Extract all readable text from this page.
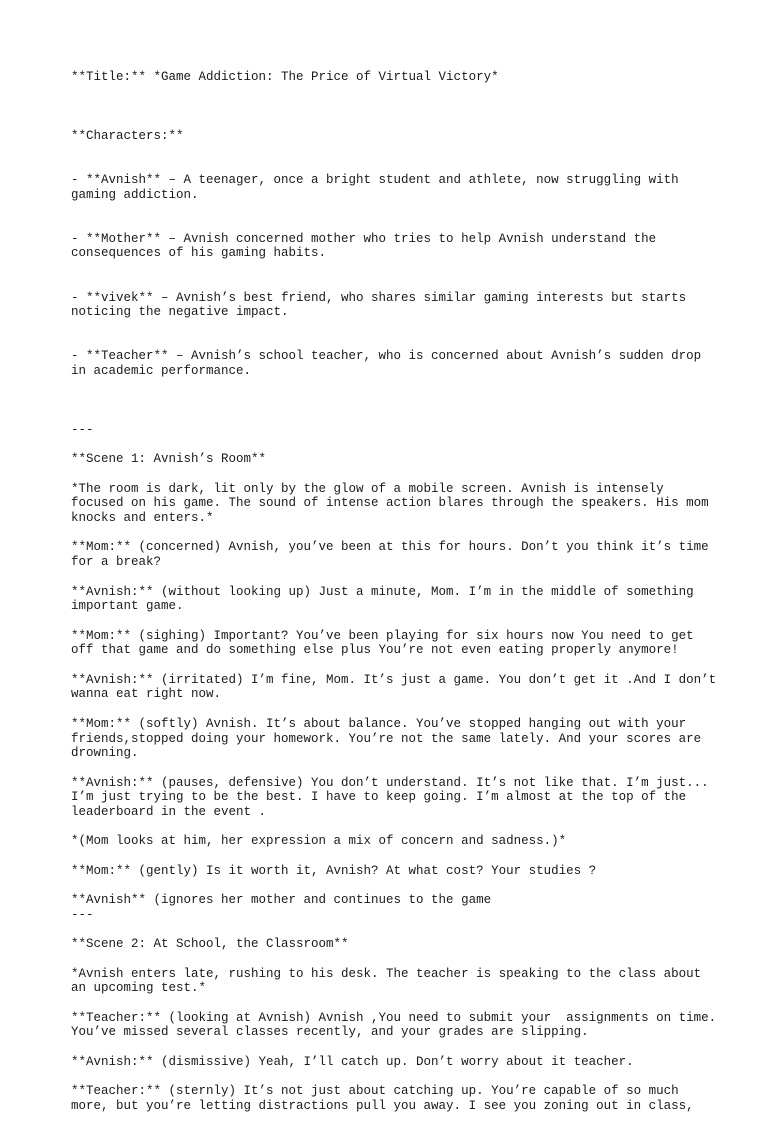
**Title:** *Game Addiction: The Price of Virtual Victory*

**Characters:**

- **Avnish** – A teenager, once a bright student and athlete, now struggling with gaming addiction.

- **Mother** – Avnish concerned mother who tries to help Avnish understand the consequences of his gaming habits.

- **vivek** – Avnish’s best friend, who shares similar gaming interests but starts noticing the negative impact.

- **Teacher** – Avnish’s school teacher, who is concerned about Avnish’s sudden drop in academic performance.

---

**Scene 1: Avnish’s Room**

*The room is dark, lit only by the glow of a mobile screen. Avnish is intensely focused on his game. The sound of intense action blares through the speakers. His mom knocks and enters.*

**Mom:** (concerned) Avnish, you’ve been at this for hours. Don’t you think it’s time for a break?

**Avnish:** (without looking up) Just a minute, Mom. I’m in the middle of something important game.

**Mom:** (sighing) Important? You’ve been playing for six hours now You need to get off that game and do something else plus You’re not even eating properly anymore!

**Avnish:** (irritated) I’m fine, Mom. It’s just a game. You don’t get it .And I don’t wanna eat right now.

**Mom:** (softly) Avnish. It’s about balance. You’ve stopped hanging out with your friends,stopped doing your homework. You’re not the same lately. And your scores are drowning.

**Avnish:** (pauses, defensive) You don’t understand. It’s not like that. I’m just... I’m just trying to be the best. I have to keep going. I’m almost at the top of the leaderboard in the event .

*(Mom looks at him, her expression a mix of concern and sadness.)*

**Mom:** (gently) Is it worth it, Avnish? At what cost? Your studies ?

**Avnish** (ignores her mother and continues to the game

---

**Scene 2: At School, the Classroom**

*Avnish enters late, rushing to his desk. The teacher is speaking to the class about an upcoming test.*

**Teacher:** (looking at Avnish) Avnish ,You need to submit your  assignments on time. You’ve missed several classes recently, and your grades are slipping.

**Avnish:** (dismissive) Yeah, I’ll catch up. Don’t worry about it teacher.

**Teacher:** (sternly) It’s not just about catching up. You’re capable of so much more, but you’re letting distractions pull you away. I see you zoning out in class,
